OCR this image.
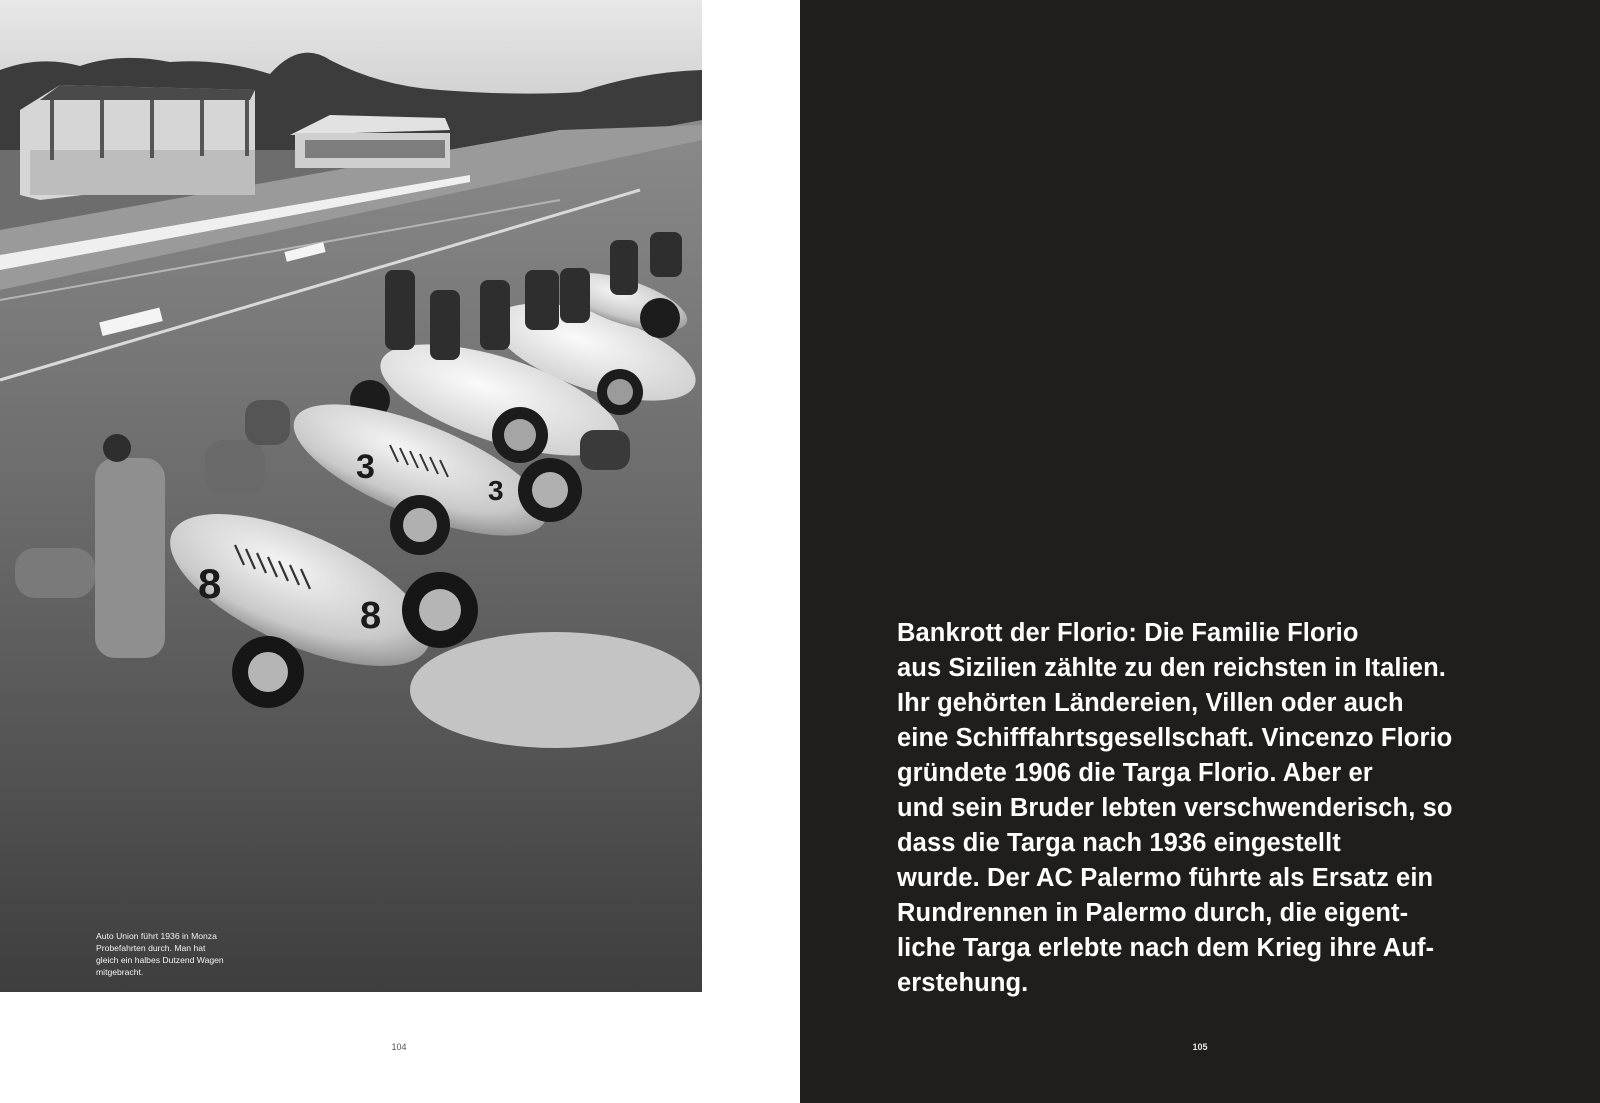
3
3
8
8

Auto Union führt 1936 in Monza
Probefahrten durch. Man hat
gleich ein halbes Dutzend Wagen
mitgebracht.

104

Bankrott der Florio: Die Familie Florio
aus Sizilien zählte zu den reichsten in Italien.
Ihr gehörten Ländereien, Villen oder auch
eine Schifffahrtsgesellschaft. Vincenzo Florio
gründete 1906 die Targa Florio. Aber er
und sein Bruder lebten verschwenderisch, so
dass die Targa nach 1936 eingestellt
wurde. Der AC Palermo führte als Ersatz ein
Rundrennen in Palermo durch, die eigent-
liche Targa erlebte nach dem Krieg ihre Auf-
erstehung.

105
